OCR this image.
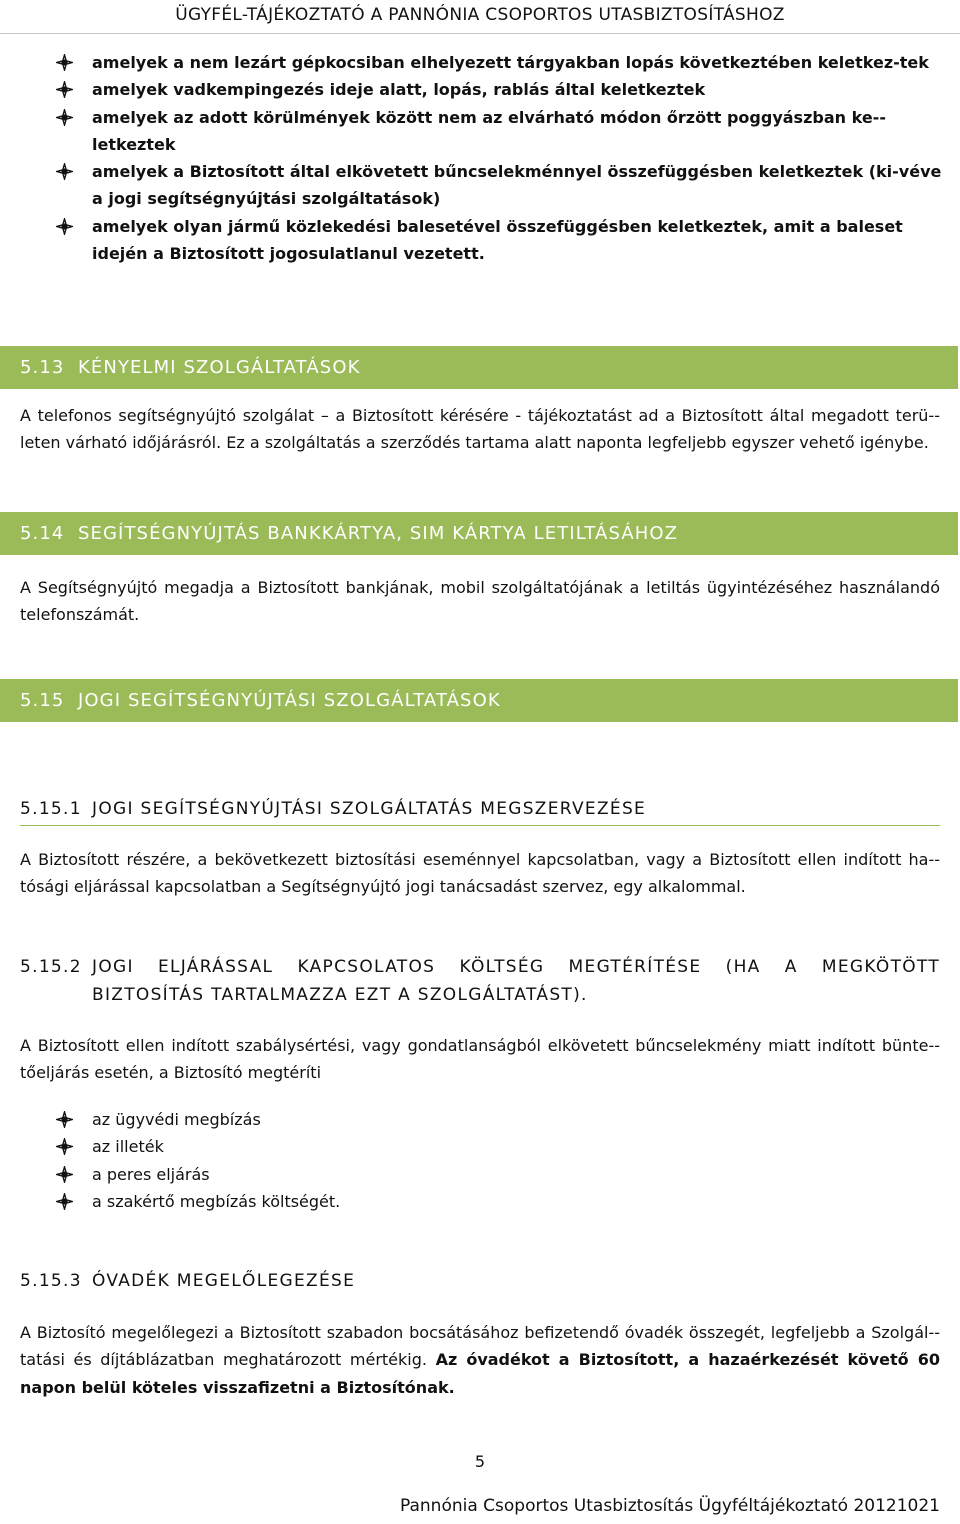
ÜGYFÉL-TÁJÉKOZTATÓ A PANNÓNIA CSOPORTOS UTASBIZTOSÍTÁSHOZ
amelyek a nem lezárt gépkocsiban elhelyezett tárgyakban lopás következtében keletkez-tek
amelyek vadkempingezés ideje alatt, lopás, rablás által keletkeztek
amelyek az adott körülmények között nem az elvárható módon őrzött poggyászban ke-letkeztek
amelyek a Biztosított által elkövetett bűncselekménnyel összefüggésben keletkeztek (ki-véve a jogi segítségnyújtási szolgáltatások)
amelyek olyan jármű közlekedési balesetével összefüggésben keletkeztek, amit a baleset idején a Biztosított jogosulatlanul vezetett.
5.13 KÉNYELMI SZOLGÁLTATÁSOK

A telefonos segítségnyújtó szolgálat – a Biztosított kérésére - tájékoztatást ad a Biztosított által megadott terü-leten várható időjárásról. Ez a szolgáltatás a szerződés tartama alatt naponta legfeljebb egyszer vehető igénybe.

5.14 SEGÍTSÉGNYÚJTÁS BANKKÁRTYA, SIM KÁRTYA LETILTÁSÁHOZ

A Segítségnyújtó megadja a Biztosított bankjának, mobil szolgáltatójának a letiltás ügyintézéséhez használandó telefonszámát.

5.15 JOGI SEGÍTSÉGNYÚJTÁSI SZOLGÁLTATÁSOK
5.15.1 JOGI SEGÍTSÉGNYÚJTÁSI SZOLGÁLTATÁS MEGSZERVEZÉSE

A Biztosított részére, a bekövetkezett biztosítási eseménnyel kapcsolatban, vagy a Biztosított ellen indított ha-tósági eljárással kapcsolatban a Segítségnyújtó jogi tanácsadást szervez, egy alkalommal.

5.15.2 JOGI ELJÁRÁSSAL KAPCSOLATOS KÖLTSÉG MEGTÉRÍTÉSE (HA A MEGKÖTÖTT
BIZTOSÍTÁS TARTALMAZZA EZT A SZOLGÁLTATÁST).

A Biztosított ellen indított szabálysértési, vagy gondatlanságból elkövetett bűncselekmény miatt indított bünte-tőeljárás esetén, a Biztosító megtéríti

az ügyvédi megbízás
az illeték
a peres eljárás
a szakértő megbízás költségét.
5.15.3 ÓVADÉK MEGELŐLEGEZÉSE

A Biztosító megelőlegezi a Biztosított szabadon bocsátásához befizetendő óvadék összegét, legfeljebb a Szolgál-tatási és díjtáblázatban meghatározott mértékig. Az óvadékot a Biztosított, a hazaérkezését követő 60 napon belül köteles visszafizetni a Biztosítónak.

5
Pannónia Csoportos Utasbiztosítás Ügyféltájékoztató 20121021
